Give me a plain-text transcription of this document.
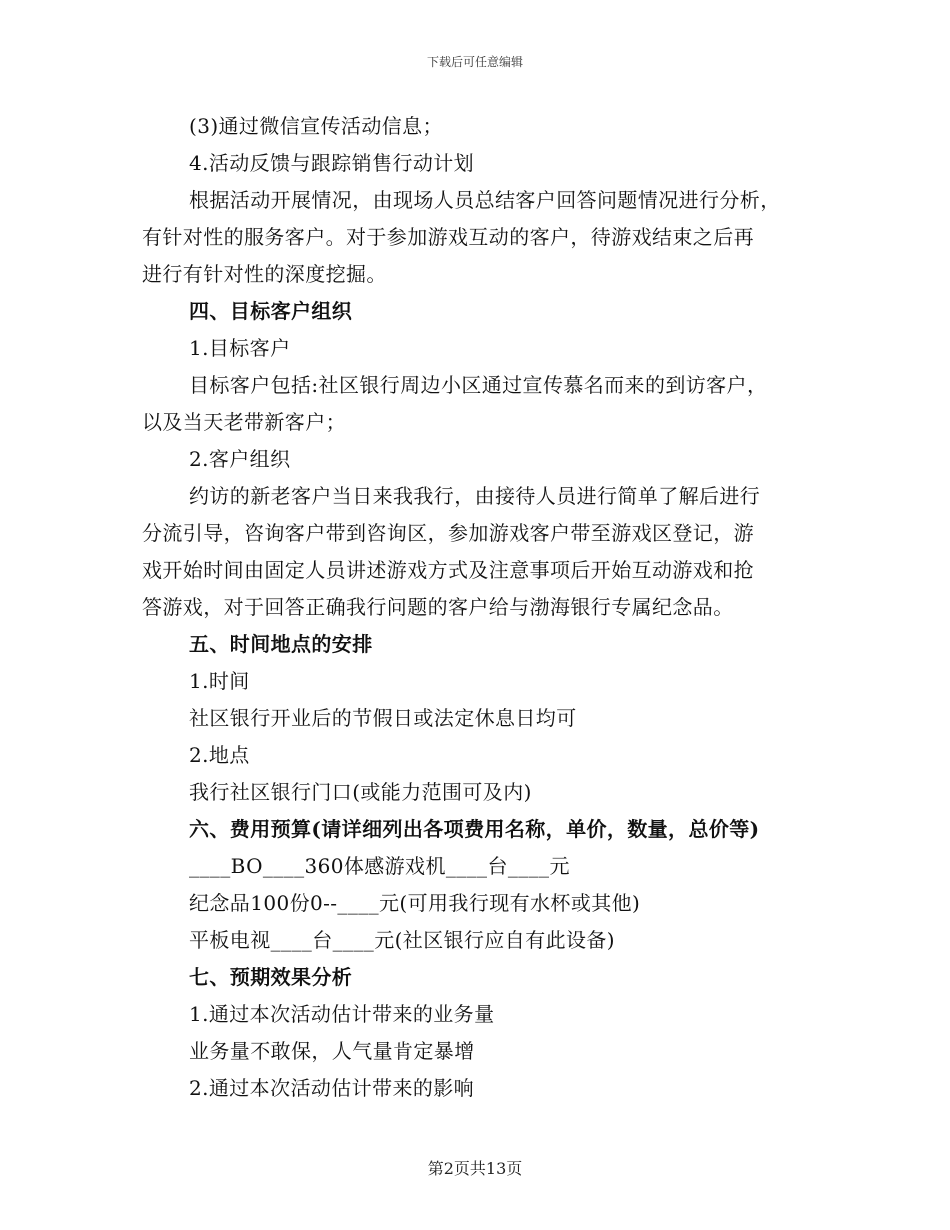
下载后可任意编辑
(3)通过微信宣传活动信息；
4.活动反馈与跟踪销售行动计划
根据活动开展情况，由现场人员总结客户回答问题情况进行分析，
有针对性的服务客户。对于参加游戏互动的客户，待游戏结束之后再
进行有针对性的深度挖掘。
四、目标客户组织
1.目标客户
目标客户包括:社区银行周边小区通过宣传慕名而来的到访客户，
以及当天老带新客户；
2.客户组织
约访的新老客户当日来我我行，由接待人员进行简单了解后进行
分流引导，咨询客户带到咨询区，参加游戏客户带至游戏区登记，游
戏开始时间由固定人员讲述游戏方式及注意事项后开始互动游戏和抢
答游戏，对于回答正确我行问题的客户给与渤海银行专属纪念品。
五、时间地点的安排
1.时间
社区银行开业后的节假日或法定休息日均可
2.地点
我行社区银行门口(或能力范围可及内)
六、费用预算(请详细列出各项费用名称，单价，数量，总价等)
____BO____360体感游戏机____台____元
纪念品100份0--____元(可用我行现有水杯或其他)
平板电视____台____元(社区银行应自有此设备)
七、预期效果分析
1.通过本次活动估计带来的业务量
业务量不敢保，人气量肯定暴增
2.通过本次活动估计带来的影响
第2页共13页
